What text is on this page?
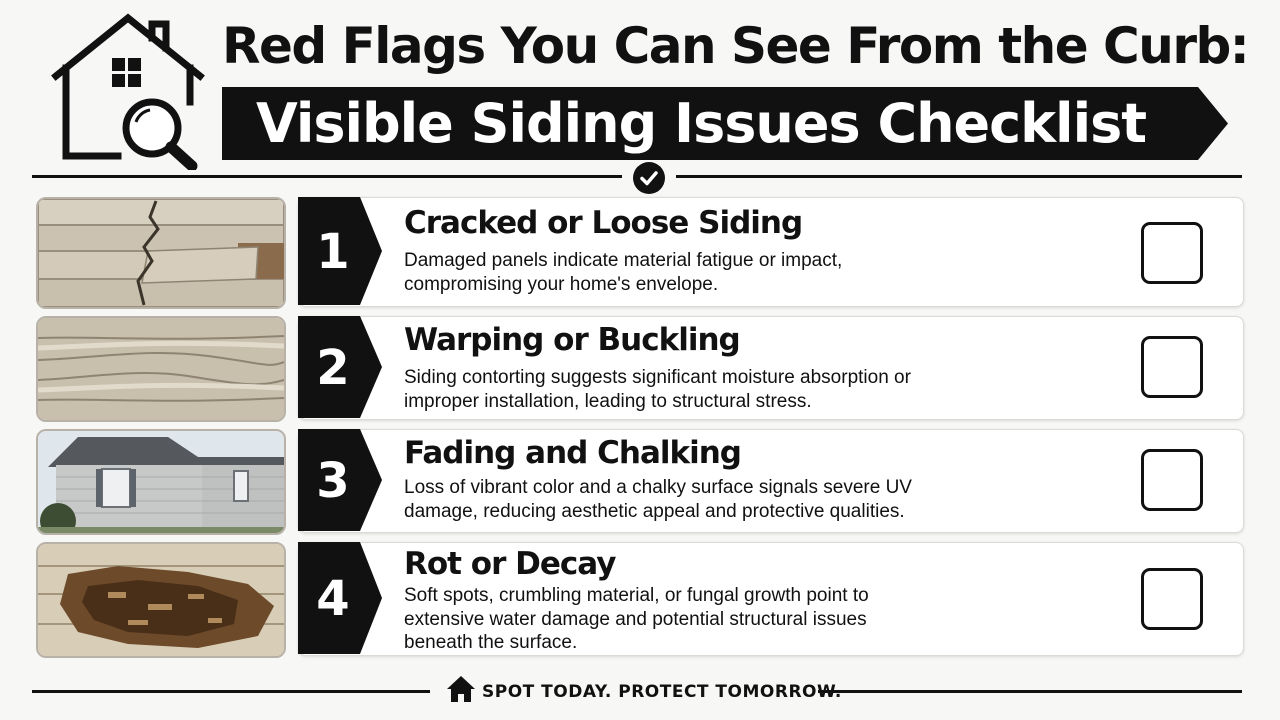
Red Flags You Can See From the Curb:
Visible Siding Issues Checklist
1
Cracked or Loose Siding
Damaged panels indicate material fatigue or impact, compromising your home's envelope.
2	Warping or Buckling
Siding contorting suggests significant moisture absorption or improper installation, leading to structural stress.
3	Fading and Chalking
Loss of vibrant color and a chalky surface signals severe UV damage, reducing aesthetic appeal and protective qualities.
4
Rot or Decay
Soft spots, crumbling material, or fungal growth point to extensive water damage and potential structural issues beneath the surface.
SPOT TODAY. PROTECT TOMORROW.
